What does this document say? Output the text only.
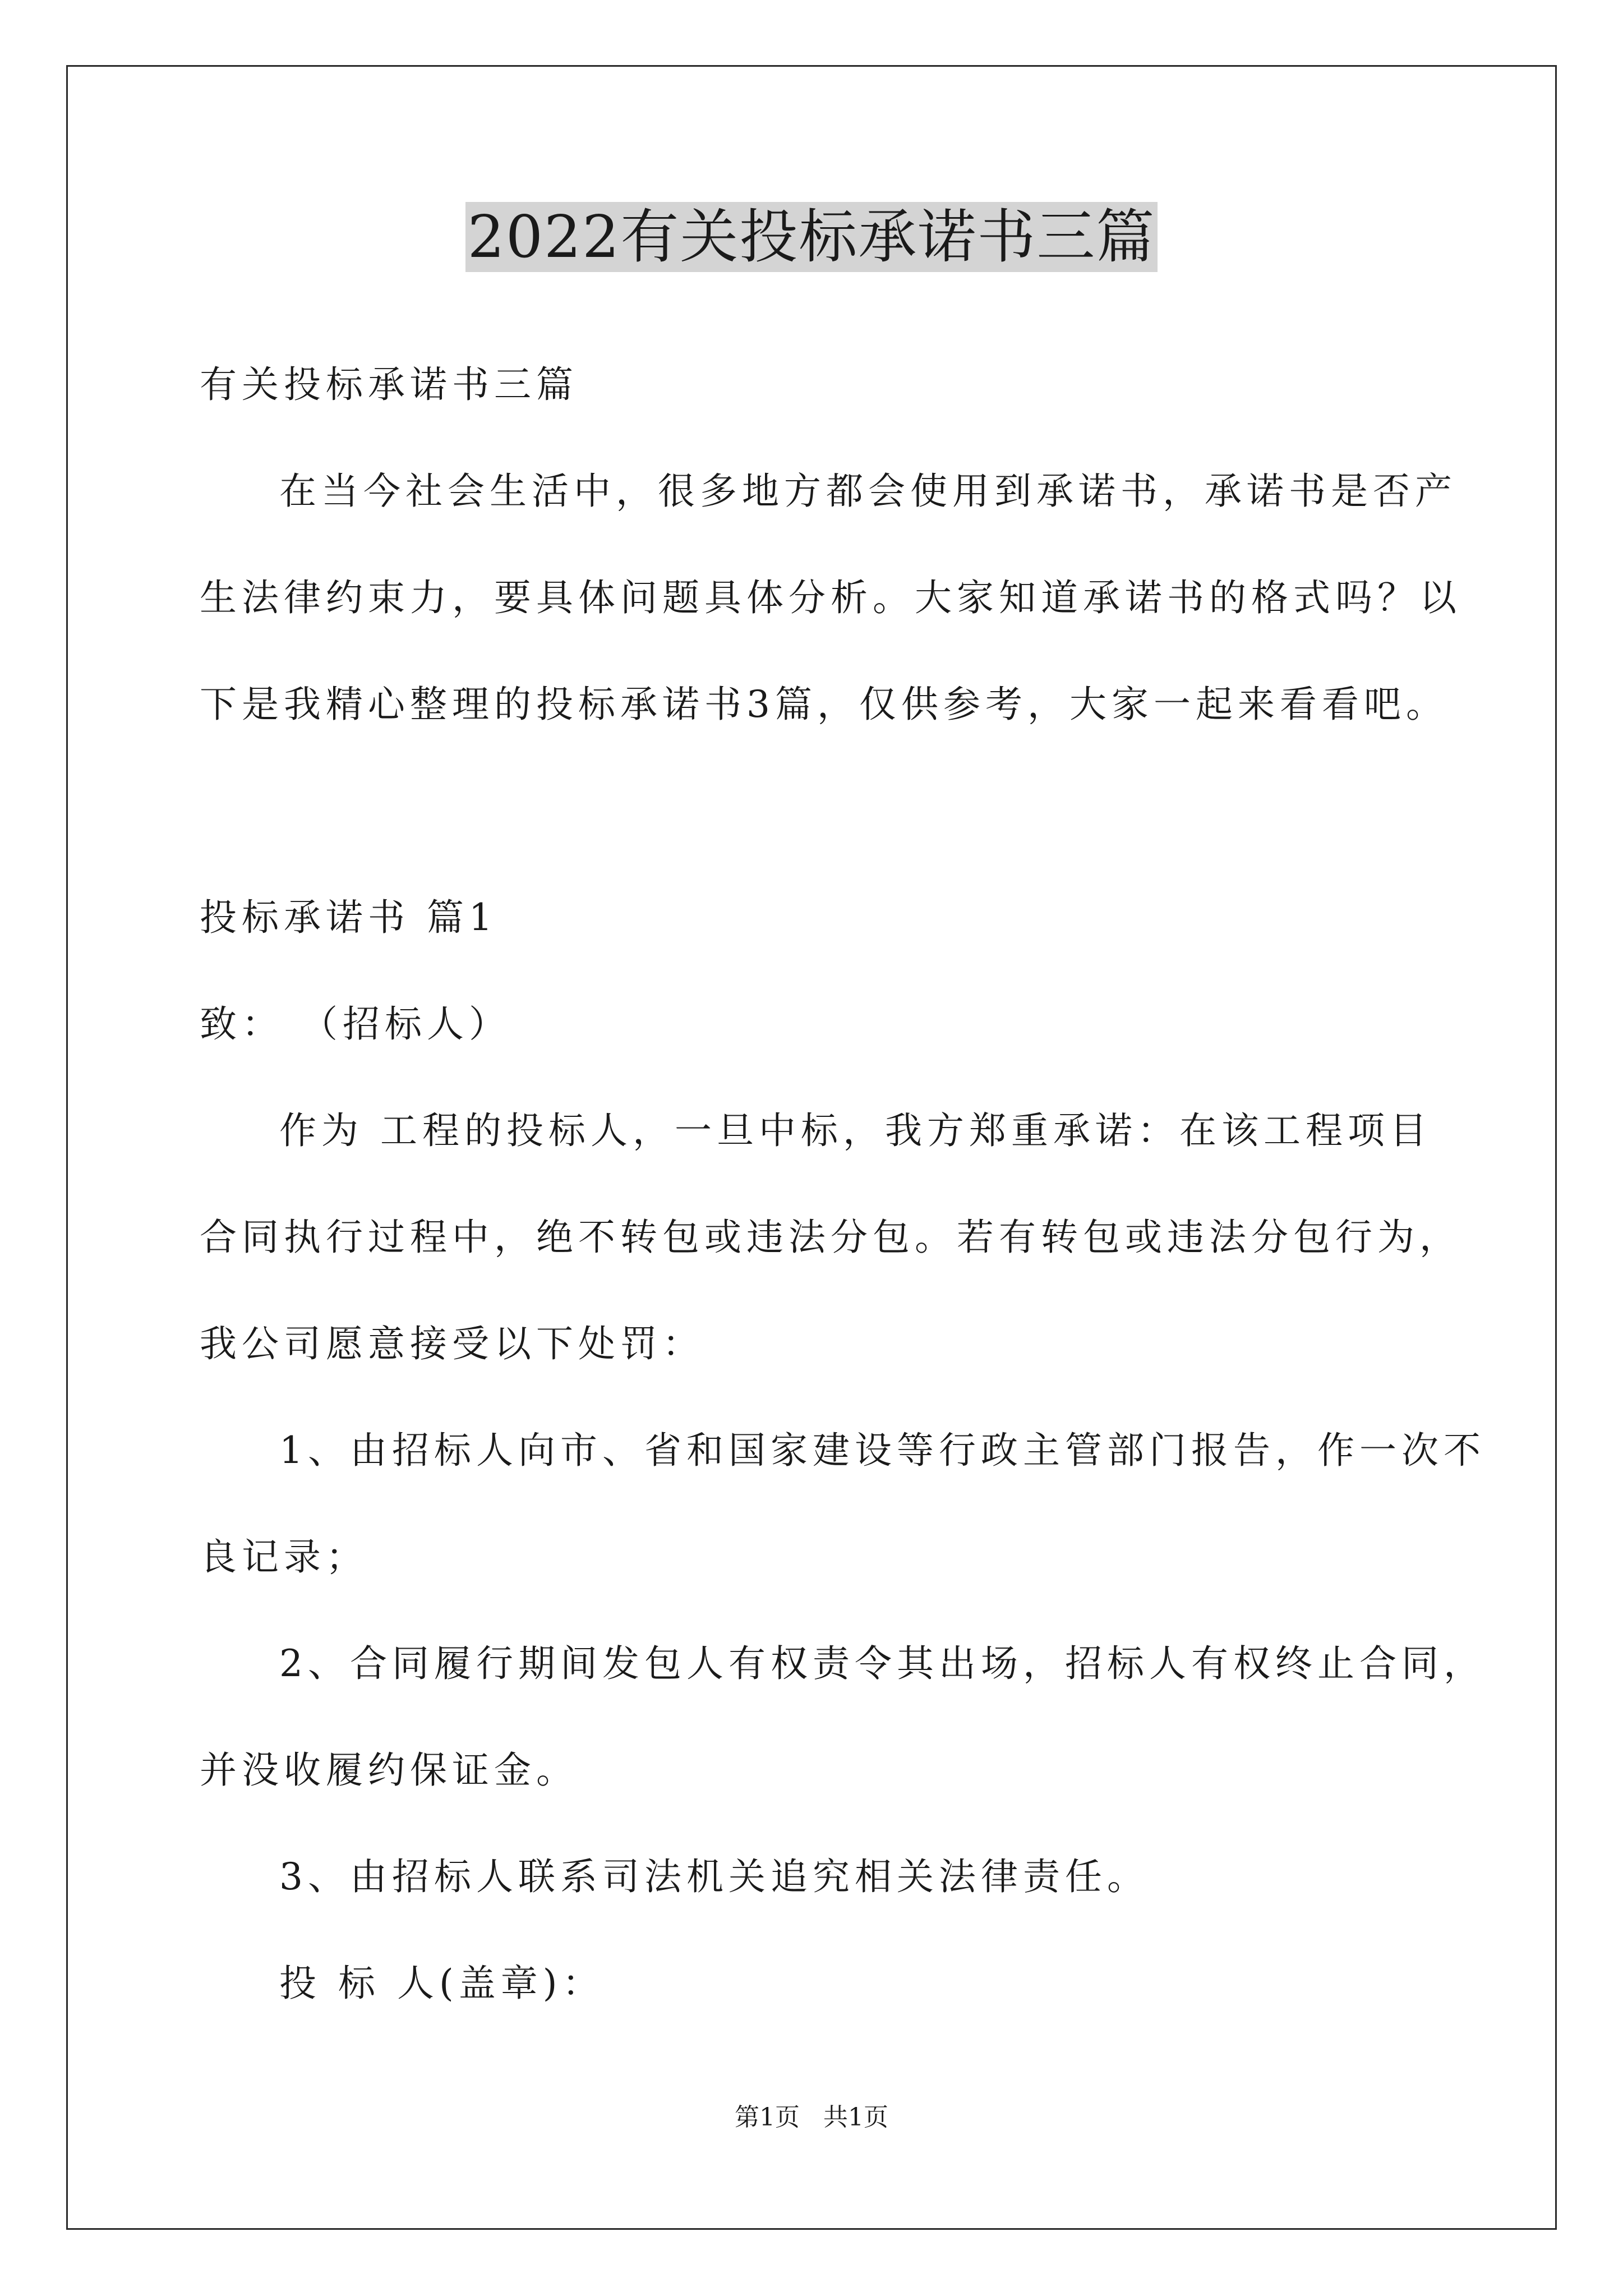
2022有关投标承诺书三篇
有关投标承诺书三篇
在当今社会生活中，很多地方都会使用到承诺书，承诺书是否产
生法律约束力，要具体问题具体分析。大家知道承诺书的格式吗？以
下是我精心整理的投标承诺书3篇，仅供参考，大家一起来看看吧。
投标承诺书 篇1
致： （招标人）
作为 工程的投标人，一旦中标，我方郑重承诺：在该工程项目
合同执行过程中，绝不转包或违法分包。若有转包或违法分包行为，
我公司愿意接受以下处罚：
1、由招标人向市、省和国家建设等行政主管部门报告，作一次不
良记录；
2、合同履行期间发包人有权责令其出场，招标人有权终止合同，
并没收履约保证金。
3、由招标人联系司法机关追究相关法律责任。
投 标 人(盖章)：
第1页   共1页
